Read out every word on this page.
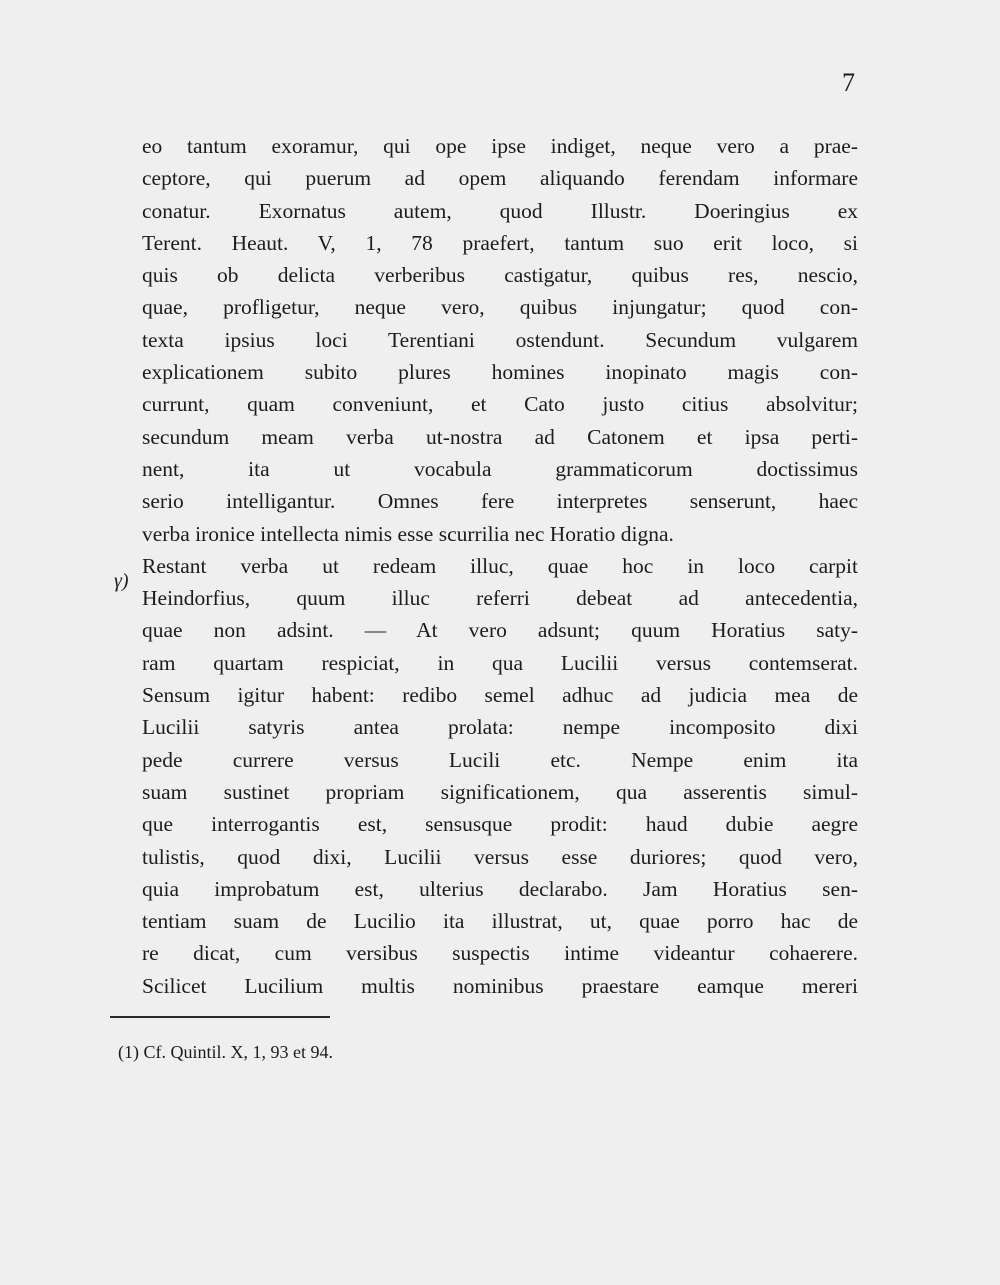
7
γ)
eo tantum exoramur, qui ope ipse indiget, neque vero a prae-
ceptore, qui puerum ad opem aliquando ferendam informare
conatur. Exornatus autem, quod Illustr. Doeringius ex
Terent. Heaut. V, 1, 78 praefert, tantum suo erit loco, si
quis ob delicta verberibus castigatur, quibus res, nescio,
quae, profligetur, neque vero, quibus injungatur; quod con-
texta ipsius loci Terentiani ostendunt. Secundum vulgarem
explicationem subito plures homines inopinato magis con-
currunt, quam conveniunt, et Cato justo citius absolvitur;
secundum meam verba ut-nostra ad Catonem et ipsa perti-
nent, ita ut vocabula grammaticorum doctissimus
serio intelligantur. Omnes fere interpretes senserunt, haec
verba ironice intellecta nimis esse scurrilia nec Horatio digna.
Restant verba ut redeam illuc, quae hoc in loco carpit
Heindorfius, quum illuc referri debeat ad antecedentia,
quae non adsint. — At vero adsunt; quum Horatius saty-
ram quartam respiciat, in qua Lucilii versus contemserat.
Sensum igitur habent: redibo semel adhuc ad judicia mea de
Lucilii satyris antea prolata: nempe incomposito dixi
pede currere versus Lucili etc. Nempe enim ita
suam sustinet propriam significationem, qua asserentis simul-
que interrogantis est, sensusque prodit: haud dubie aegre
tulistis, quod dixi, Lucilii versus esse duriores; quod vero,
quia improbatum est, ulterius declarabo. Jam Horatius sen-
tentiam suam de Lucilio ita illustrat, ut, quae porro hac de
re dicat, cum versibus suspectis intime videantur cohaerere.
Scilicet Lucilium multis nominibus praestare eamque mereri
(1) Cf. Quintil. X, 1, 93 et 94.
